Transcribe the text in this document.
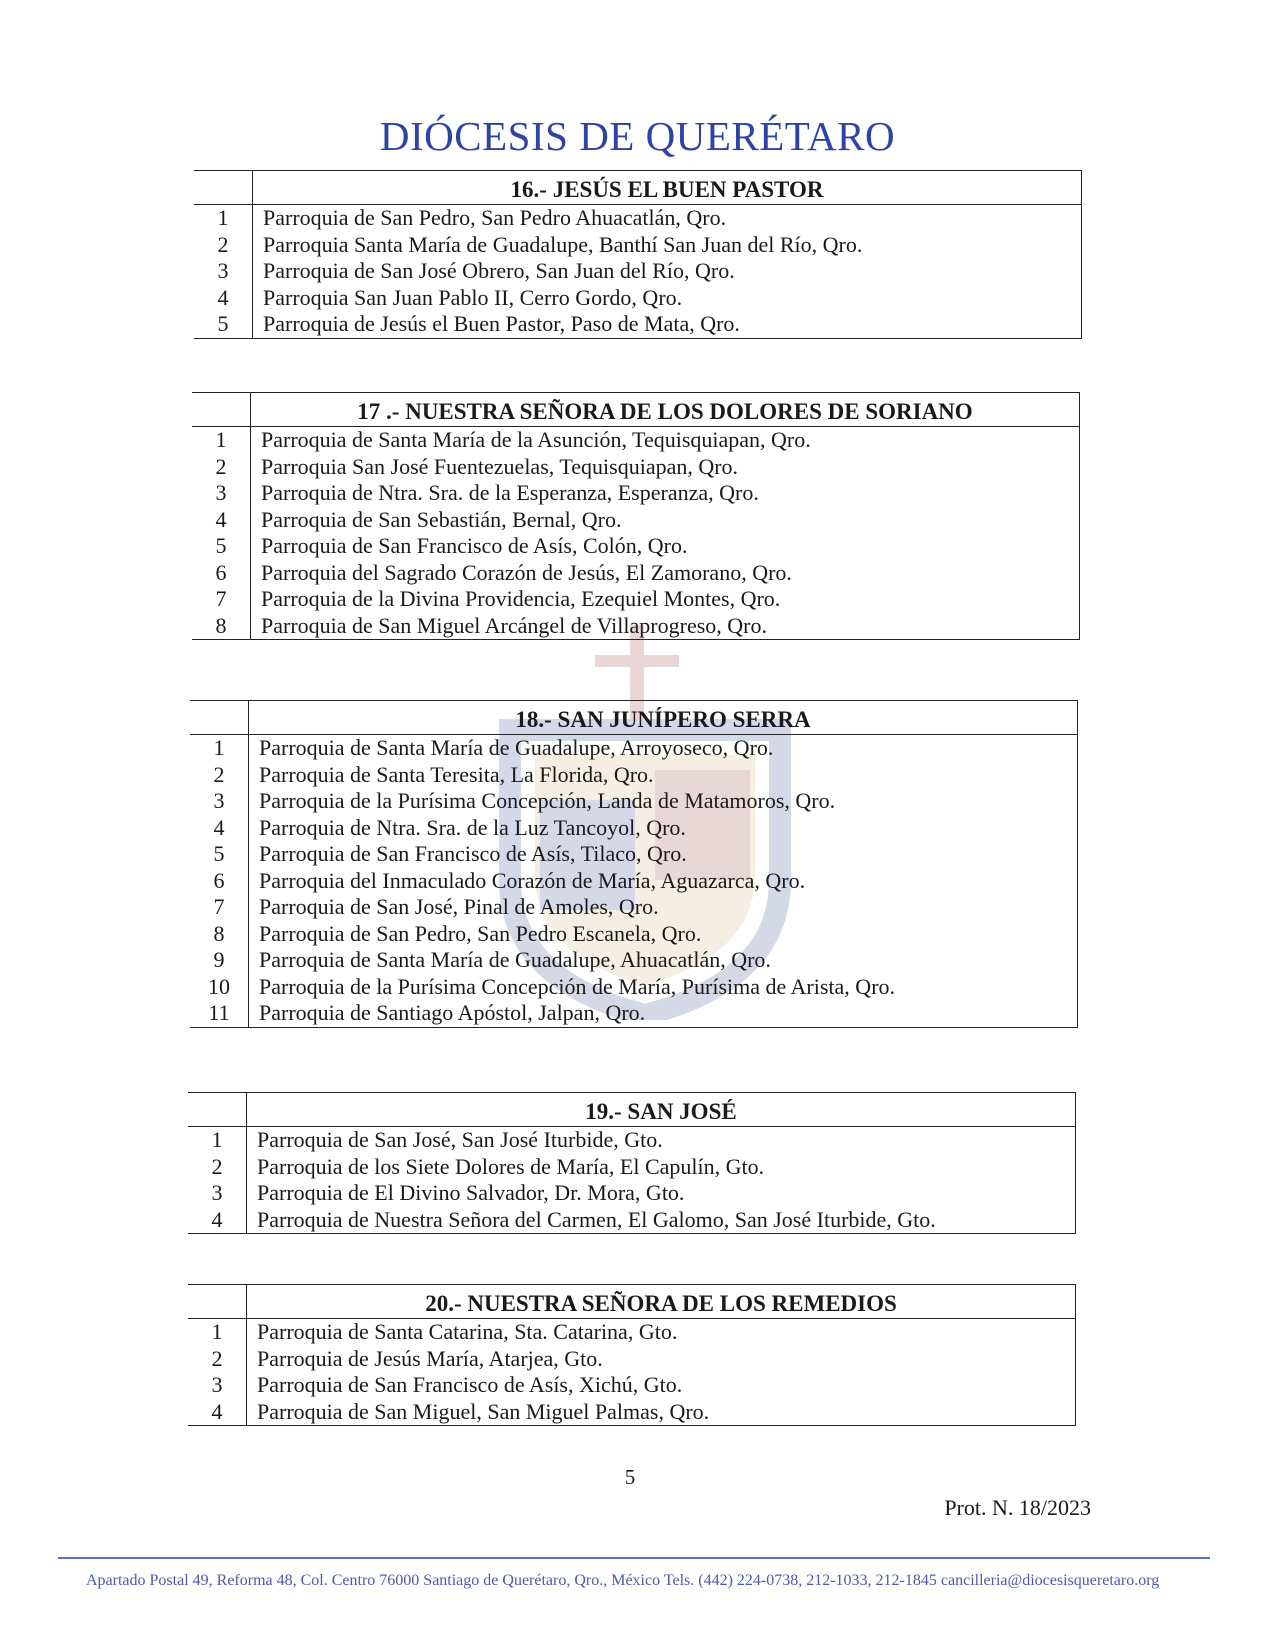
DIÓCESIS DE QUERÉTARO
	16.- JESÚS EL BUEN PASTOR
1	Parroquia de San Pedro, San Pedro Ahuacatlán, Qro.
2	Parroquia Santa María de Guadalupe, Banthí San Juan del Río, Qro.
3	Parroquia de San José Obrero, San Juan del Río, Qro.
4	Parroquia San Juan Pablo II, Cerro Gordo, Qro.
5	Parroquia de Jesús el Buen Pastor, Paso de Mata, Qro.
	17 .- NUESTRA SEÑORA DE LOS DOLORES DE SORIANO
1	Parroquia de Santa María de la Asunción, Tequisquiapan, Qro.
2	Parroquia San José Fuentezuelas, Tequisquiapan, Qro.
3	Parroquia de Ntra. Sra. de la Esperanza, Esperanza, Qro.
4	Parroquia de San Sebastián, Bernal, Qro.
5	Parroquia de San Francisco de Asís, Colón, Qro.
6	Parroquia del Sagrado Corazón de Jesús, El Zamorano, Qro.
7	Parroquia de la Divina Providencia, Ezequiel Montes, Qro.
8	Parroquia de San Miguel Arcángel de Villaprogreso, Qro.
	18.- SAN JUNÍPERO SERRA
1	Parroquia de Santa María de Guadalupe, Arroyoseco, Qro.
2	Parroquia de Santa Teresita, La Florida, Qro.
3	Parroquia de la Purísima Concepción, Landa de Matamoros, Qro.
4	Parroquia de Ntra. Sra. de la Luz Tancoyol, Qro.
5	Parroquia de San Francisco de Asís, Tilaco, Qro.
6	Parroquia del Inmaculado Corazón de María, Aguazarca, Qro.
7	Parroquia de San José, Pinal de Amoles, Qro.
8	Parroquia de San Pedro, San Pedro Escanela, Qro.
9	Parroquia de Santa María de Guadalupe, Ahuacatlán, Qro.
10	Parroquia de la Purísima Concepción de María, Purísima de Arista, Qro.
11	Parroquia de Santiago Apóstol, Jalpan, Qro.
	19.- SAN JOSÉ
1	Parroquia de San José, San José Iturbide, Gto.
2	Parroquia de los Siete Dolores de María, El Capulín, Gto.
3	Parroquia de El Divino Salvador, Dr. Mora, Gto.
4	Parroquia de Nuestra Señora del Carmen, El Galomo, San José Iturbide, Gto.
	20.- NUESTRA SEÑORA DE LOS REMEDIOS
1	Parroquia de Santa Catarina, Sta. Catarina, Gto.
2	Parroquia de Jesús María, Atarjea, Gto.
3	Parroquia de San Francisco de Asís, Xichú, Gto.
4	Parroquia de San Miguel, San Miguel Palmas, Qro.
5
Prot. N. 18/2023
Apartado Postal 49, Reforma 48, Col. Centro 76000 Santiago de Querétaro, Qro., México Tels. (442) 224-0738, 212-1033, 212-1845 cancilleria@diocesisqueretaro.org
